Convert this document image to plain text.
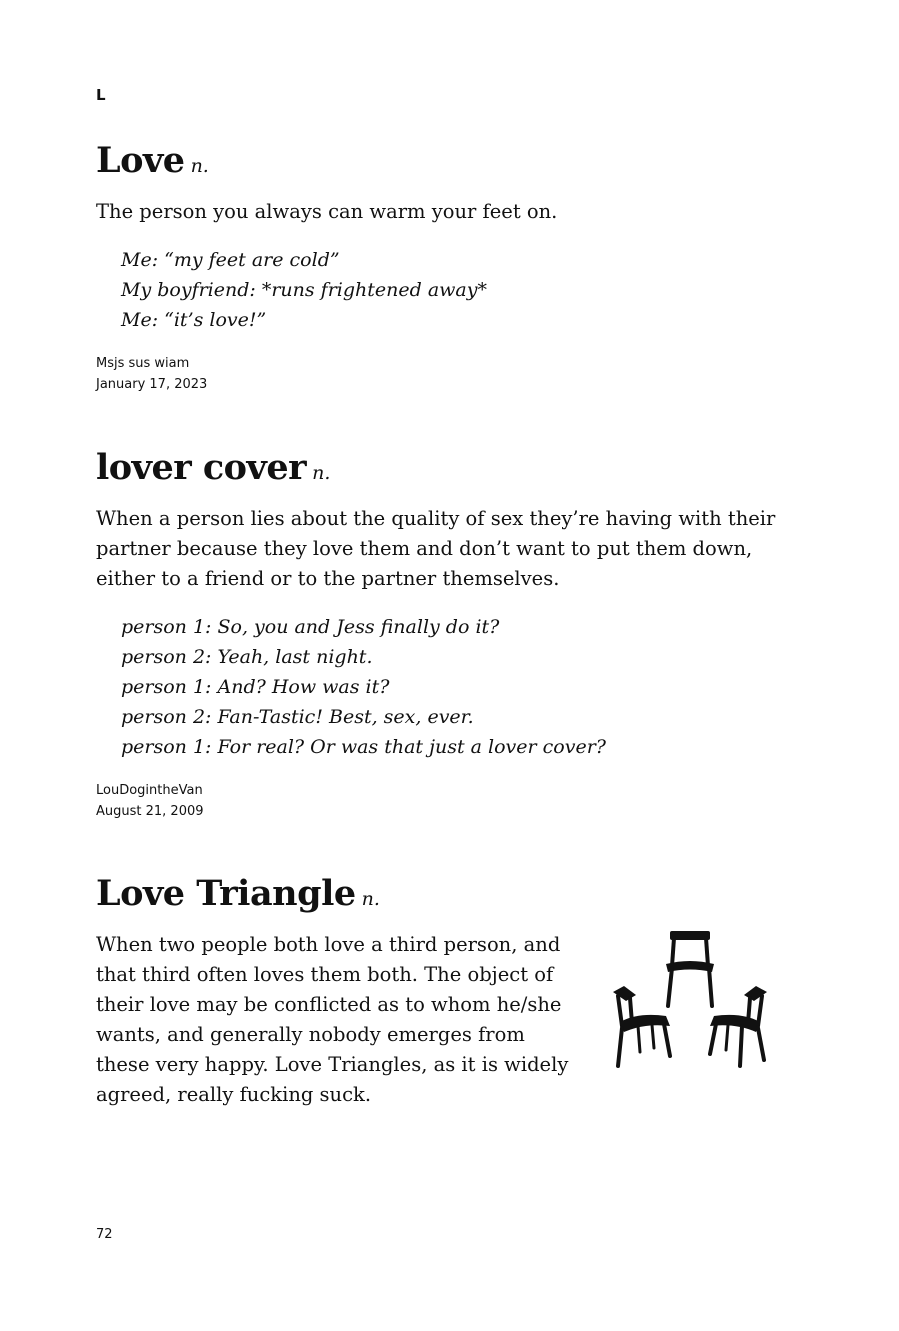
L

Love n.

The person you always can warm your feet on.

Me: “my feet are cold”
My boyfriend: *runs frightened away*
Me: “it’s love!”

Msjs sus wiam
January 17, 2023

lover cover n.

When a person lies about the quality of sex they’re having with their partner because they love them and don’t want to put them down, either to a friend or to the partner themselves.

person 1: So, you and Jess finally do it?
person 2: Yeah, last night.
person 1: And? How was it?
person 2: Fan-Tastic! Best, sex, ever.
person 1: For real? Or was that just a lover cover?

LouDogintheVan
August 21, 2009

Love Triangle n.

When two people both love a third person, and that third often loves them both. The object of their love may be conflicted as to whom he/she wants, and generally nobody emerges from these very happy. Love Triangles, as it is widely agreed, really fucking suck.

72
